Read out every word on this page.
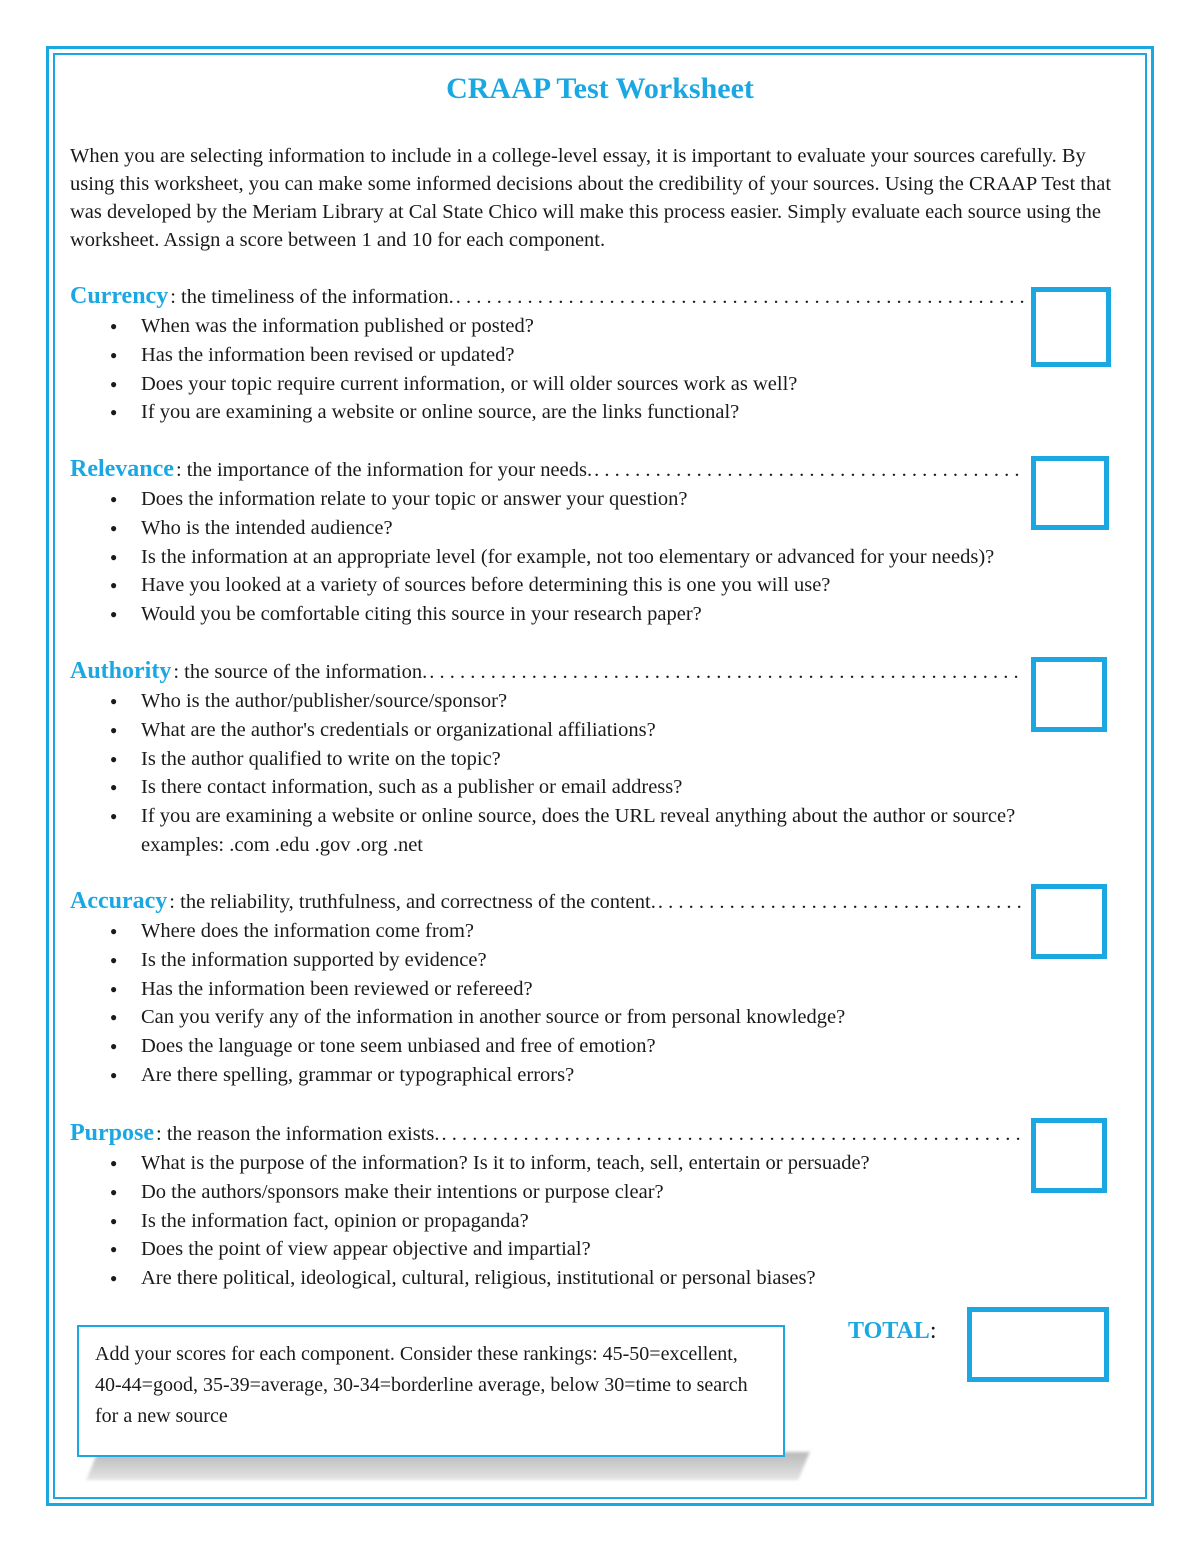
CRAAP Test Worksheet

When you are selecting information to include in a college-level essay, it is important to evaluate your sources carefully. By using this worksheet, you can make some informed decisions about the credibility of your sources. Using the CRAAP Test that was developed by the Meriam Library at Cal State Chico will make this process easier. Simply evaluate each source using the worksheet. Assign a score between 1 and 10 for each component.

Currency : the timeliness of the information.
. . .
● When was the information published or posted?
● Has the information been revised or updated?
● Does your topic require current information, or will older sources work as well?
● If you are examining a website or online source, are the links functional?
Relevance : the importance of the information for your needs.
. . .
● Does the information relate to your topic or answer your question?
● Who is the intended audience?
● Is the information at an appropriate level (for example, not too elementary or advanced for your needs)?
● Have you looked at a variety of sources before determining this is one you will use?
● Would you be comfortable citing this source in your research paper?
Authority : the source of the information.
. . .
● Who is the author/publisher/source/sponsor?
● What are the author's credentials or organizational affiliations?
● Is the author qualified to write on the topic?
● Is there contact information, such as a publisher or email address?
● If you are examining a website or online source, does the URL reveal anything about the author or source? examples: .com .edu .gov .org .net
Accuracy : the reliability, truthfulness, and correctness of the content.
. . .
● Where does the information come from?
● Is the information supported by evidence?
● Has the information been reviewed or refereed?
● Can you verify any of the information in another source or from personal knowledge?
● Does the language or tone seem unbiased and free of emotion?
● Are there spelling, grammar or typographical errors?
Purpose : the reason the information exists.
. . .
● What is the purpose of the information? Is it to inform, teach, sell, entertain or persuade?
● Do the authors/sponsors make their intentions or purpose clear?
● Is the information fact, opinion or propaganda?
● Does the point of view appear objective and impartial?
● Are there political, ideological, cultural, religious, institutional or personal biases?
Add your scores for each component. Consider these rankings: 45-50=excellent, 40-44=good, 35-39=average, 30-34=borderline average, below 30=time to search for a new source
TOTAL:
